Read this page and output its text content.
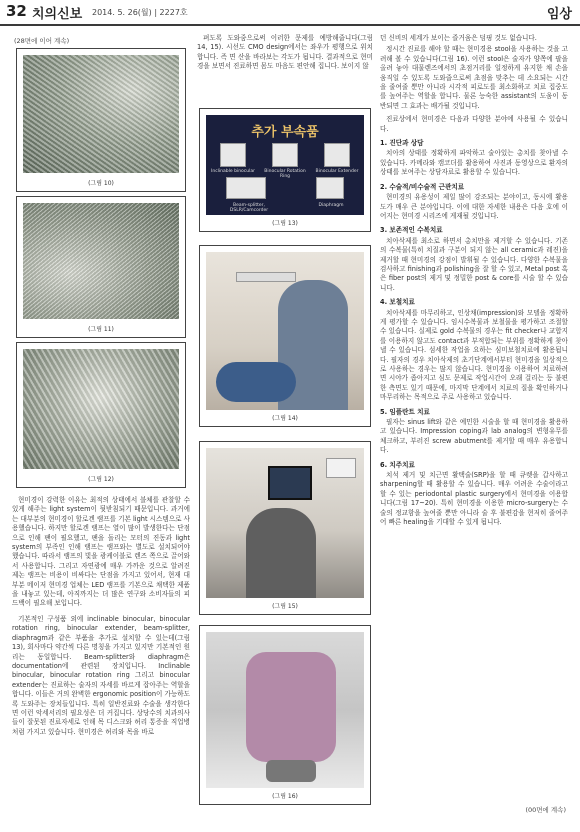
32 치의신보 2014. 5. 26(월) | 2227호	임상
(28면에 이어 계속)
(그림 10)
(그림 11)
(그림 12)

현미경이 강력한 이유는 최적의 상태에서 블체를 관찰할 수 있게 해주는 light system이 뒷받침되기 때문입니다. 과거에는 대부분의 현미경이 할로겐 램프를 기본 light 시스템으로 사용했습니다. 하지만 할로겐 램프는 열이 많이 발생한다는 단점으로 인해 팬이 필요했고, 팬을 돌리는 모터의 진동과 light system의 부족인 인해 램프는 램프와는 별도로 설치되어야 했습니다. 따라서 램프의 빛을 광케이블로 렌즈 쪽으로 끌어와서 사용합니다. 그리고 자연광에 매우 가까운 것으로 알려진 제논 램프는 비용이 비싸다는 단점을 가지고 있어서, 현재 대부분 메이저 현미경 업체는 LED 램프를 기본으로 채택한 제품을 내놓고 있는데, 아직까지는 더 많은 연구와 소비자들의 피드백이 필요해 보입니다.

기본적인 구성품 외에 inclinable binocular, binocular rotation ring, binocular extender, beam-splitter, diaphragm과 같은 부품을 추가로 설치할 수 있는데(그림 13), 회사마다 약간씩 다른 명칭을 가지고 있지만 기본적인 원리는 동일합니다. Beam-splitter와 diaphragm은 documentation에 관련된 장치입니다. Inclinable binocular, binocular rotation ring 그리고 binocular extender는 진료하는 술자의 자세를 바르게 잡아주는 역할을 합니다. 이들은 거의 완벽한 ergonomic position이 가능하도록 도와주는 장치들입니다. 특히 일반진료와 수술을 생각한다면 이런 악세서리의 필요성은 더 커집니다. 상당수의 치과의사들이 잘못된 진료자세로 인해 목 디스크와 허리 통증을 직업병처럼 가지고 있습니다. 현미경은 허리와 목을 바로

펴도록 도와줌으로써 이러한 문제를 예방해줍니다(그림 14, 15). 시선도 CMO design에서는 좌우가 평행으로 위치합니다. 즉 면 산을 바라보는 각도가 됩니다. 결과적으로 현미경을 보면서 진료하면 몸도 마음도 편안해 집니다. 보이지 않

추가 부속품
Inclinable binocular	Binocular Rotation Ring
Binocular Extender
Beam-splitter, DSLR/Camcorder
Diaphragm
(그림 13)
(그림 14)
(그림 15)
(그림 16)

던 신비의 세계가 보이는 즐거움은 덤핑 것도 없습니다.

정시간 진료를 해야 할 때는 현미경용 stool을 사용하는 것을 고려해 볼 수 있습니다(그림 16). 이런 stool은 술자가 양쪽에 팔을 올려 놓아 대물렌즈에서의 초점거리를 일정하게 유지한 채 손을 움직일 수 있도록 도와줍으로써 초점을 맞추는 데 소요되는 시간을 줄여줄 뿐만 아니라 시각적 피로도를 최소화하고 치료 집중도를 높여주는 역할을 합니다. 물론 능숙한 assistant의 도움이 동반되면 그 효과는 배가될 것입니다.

진료상에서 현미경은 다음과 다양한 분야에 사용될 수 있습니다.

1. 진단과 상담

치아의 상태를 정확하게 파악하고 술아있는 총치를 찾아낼 수 있습니다. 카메라와 캠코더를 활용하여 사진과 동영상으로 환자의 상태를 보여주는 상담자료로 활용할 수 있습니다.

2. 수술적/비수술적 근관치료

현미경의 유용성이 제일 많이 강조되는 분야이고, 동시에 활용도가 매우 큰 분야입니다. 이에 대한 자세한 내용은 다음 호에 이어지는 현미경 시리즈에 게재될 것입니다.

3. 보존적인 수복치료

치아삭제를 최소로 하면서 총치만을 제거할 수 있습니다. 기존의 수복물(특히 치질과 구분이 되지 않는 all ceramic과 레진)을 제거할 때 현미경의 강점이 발휘될 수 있습니다. 다양한 수복물을 검사하고 finishing과 polishing을 잘 할 수 있고, Metal post 혹은 fiber post의 제거 및 정밀한 post & core를 시술 할 수 있습니다.

4. 보철치료

치아삭제를 마무리하고, 인상채(impression)와 모델을 정확하게 평가할 수 있습니다. 임시수복물과 보철물을 평가하고 조절할 수 있습니다. 실제로 gold 수복물의 경우는 fit checker나 교합지를 이용하지 않고도 contact과 부적합되는 부위를 정확하게 찾아낼 수 있습니다. 섬세한 작업을 요하는 심미보철치료에 활용됩니다. 필자의 경우 치아삭제의 초기단계에서부터 현미경을 일상적으로 사용하는 경우는 많지 않습니다. 현미경을 이용하여 치료하려면 시야가 좁아지고 심도 문제로 작업시간이 오래 걸리는 등 불편한 측면도 있기 때문에, 마지막 단계에서 치료의 질을 확인하거나 마무리하는 목적으로 주로 사용하고 있습니다.

5. 임플란트 치료

필자는 sinus lift와 같은 예민한 시술을 할 때 현미경을 활용하고 있습니다. Impression coping과 lab analog의 변형유무를 체크하고, 부러진 screw abutment를 제거할 때 매우 유용합니다.

6. 치주치료

치석 제거 및 치근면 활택술(SRP)을 할 때 큐렛을 갑사하고 sharpening할 때 활용할 수 있습니다. 매우 어려운 수술이라고 할 수 있는 periodontal plastic surgery에서 현미경을 이용합니다(그림 17~20). 특히 현미경을 이용한 micro-surgery는 수술의 정교함을 높여줄 뿐만 아니라 술 후 불편감을 현저히 줄여주어 빠른 healing을 기대할 수 있게 됩니다.

(00면에 계속)
